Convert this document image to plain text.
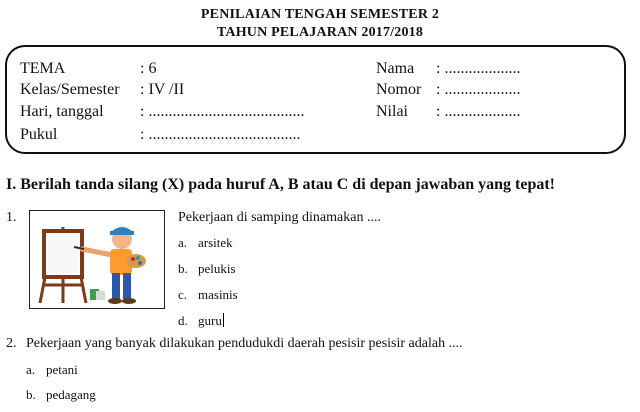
PENILAIAN TENGAH SEMESTER 2
TAHUN PELAJARAN 2017/2018
TEMA	: 6
Kelas/Semester : IV /II
Hari, tanggal : .......................................
Pukul	: ......................................
Nama : ...................
Nomor : ...................
Nilai : ...................
I. Berilah tanda silang (X) pada huruf A, B atau C di depan jawaban yang tepat!
1.	Pekerjaan di samping dinamakan ....
a. arsitek
b. pelukis
c. masinis
d. guru
2. Pekerjaan yang banyak dilakukan pendudukdi daerah pesisir pesisir adalah ....
a. petani
b. pedagang
